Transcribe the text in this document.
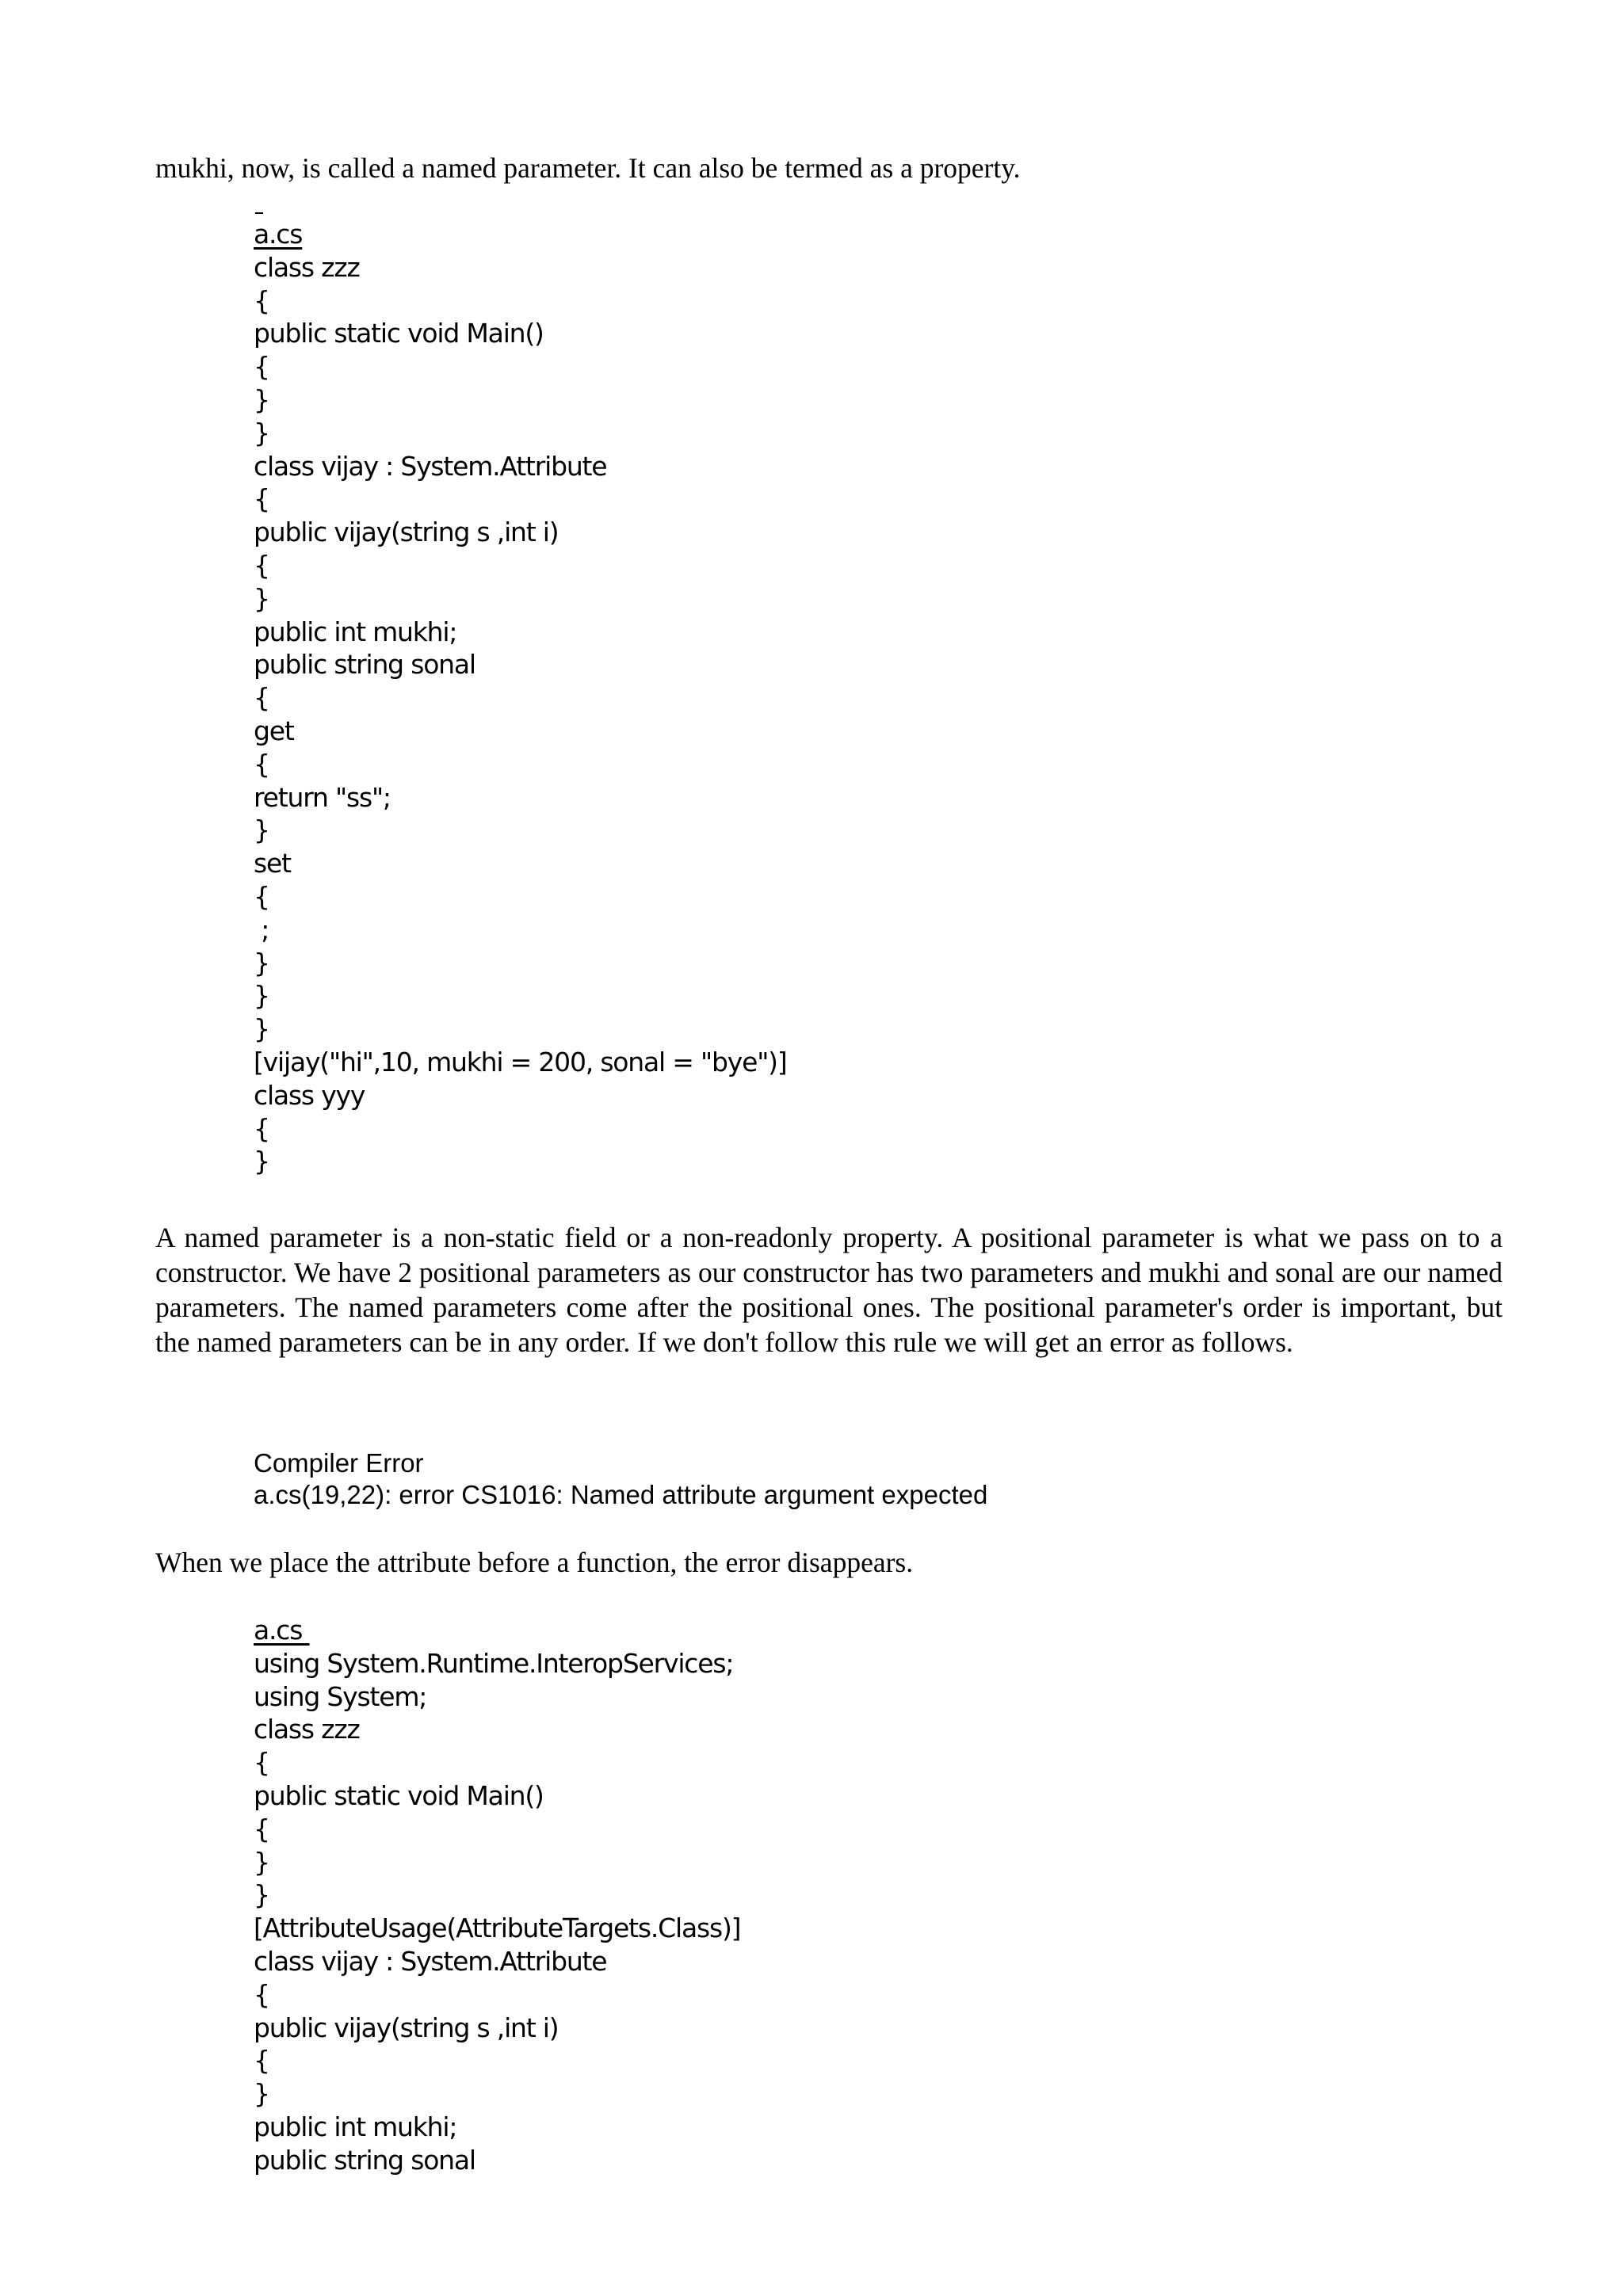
mukhi, now, is called a named parameter. It can also be termed as a property.

a.cs
class zzz
{
public static void Main()
{
}
}
class vijay : System.Attribute
{
public vijay(string s ,int i)
{
}
public int mukhi;
public string sonal
{
get
{
return "ss";
}
set
{
;
}
}
}
[vijay("hi",10, mukhi = 200, sonal = "bye")]
class yyy
{
}

A named parameter is a non-static field or a non-readonly property. A positional parameter is what we pass on to a constructor. We have 2 positional parameters as our constructor has two parameters and mukhi and sonal are our named parameters. The named parameters come after the positional ones. The positional parameter's order is important, but the named parameters can be in any order. If we don't follow this rule we will get an error as follows.

Compiler Error
a.cs(19,22): error CS1016: Named attribute argument expected

When we place the attribute before a function, the error disappears.

a.cs
using System.Runtime.InteropServices;
using System;
class zzz
{
public static void Main()
{
}
}
[AttributeUsage(AttributeTargets.Class)]
class vijay : System.Attribute
{
public vijay(string s ,int i)
{
}
public int mukhi;
public string sonal
